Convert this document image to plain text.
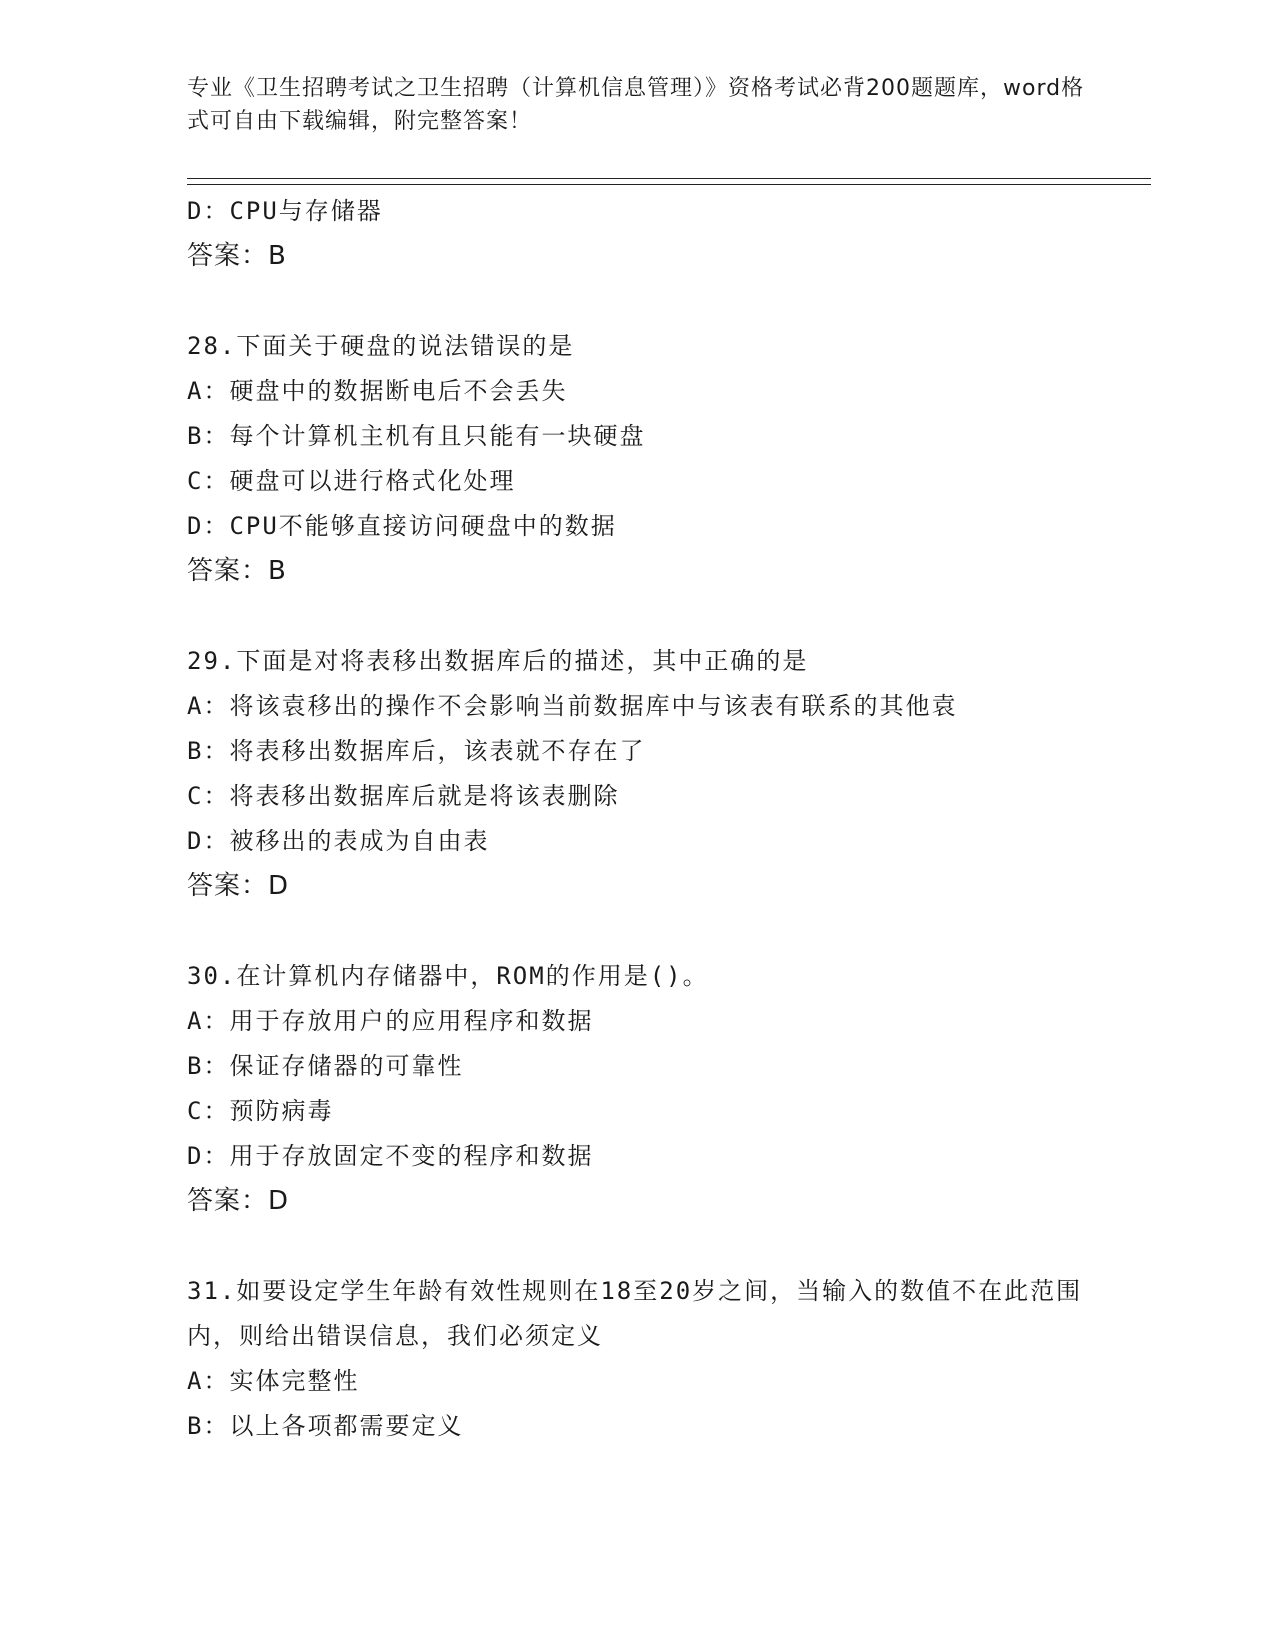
专业《卫生招聘考试之卫生招聘（计算机信息管理）》资格考试必背200题题库，word格式可自由下载编辑，附完整答案！
D：CPU与存储器
答案：B
28.下面关于硬盘的说法错误的是
A：硬盘中的数据断电后不会丢失
B：每个计算机主机有且只能有一块硬盘
C：硬盘可以进行格式化处理
D：CPU不能够直接访问硬盘中的数据
答案：B
29.下面是对将表移出数据库后的描述，其中正确的是
A：将该袁移出的操作不会影响当前数据库中与该表有联系的其他袁
B：将表移出数据库后，该表就不存在了
C：将表移出数据库后就是将该表删除
D：被移出的表成为自由表
答案：D
30.在计算机内存储器中，ROM的作用是()。
A：用于存放用户的应用程序和数据
B：保证存储器的可靠性
C：预防病毒
D：用于存放固定不变的程序和数据
答案：D
31.如要设定学生年龄有效性规则在18至20岁之间，当输入的数值不在此范围内，则给出错误信息，我们必须定义
A：实体完整性
B：以上各项都需要定义
